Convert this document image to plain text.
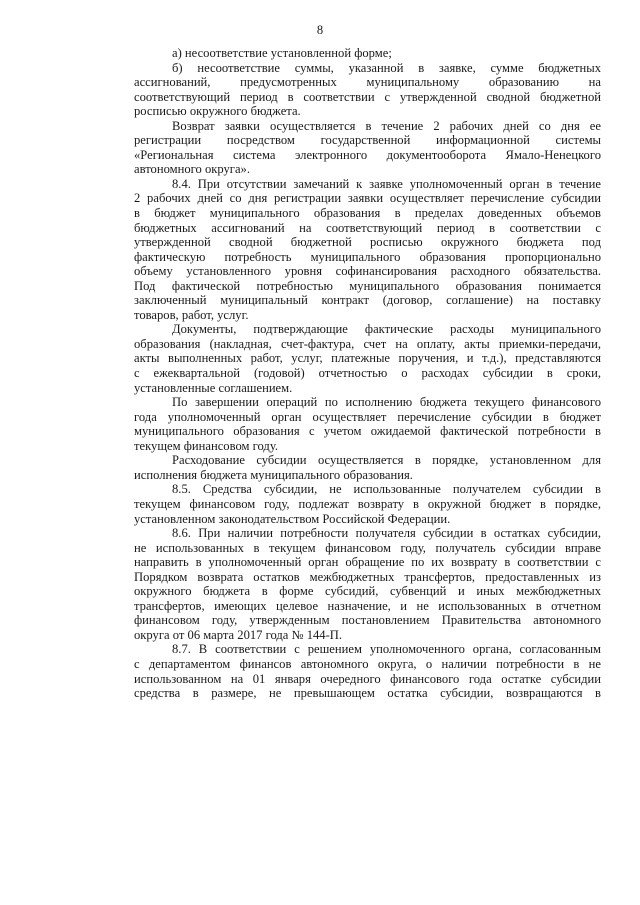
8
а) несоответствие установленной форме;
б) несоответствие суммы, указанной в заявке, сумме бюджетных
ассигнований, предусмотренных муниципальному образованию на
соответствующий период в соответствии с утвержденной сводной бюджетной
росписью окружного бюджета.
Возврат заявки осуществляется в течение 2 рабочих дней со дня ее
регистрации посредством государственной информационной системы
«Региональная система электронного документооборота Ямало-Ненецкого
автономного округа».
8.4. При отсутствии замечаний к заявке уполномоченный орган в течение
2 рабочих дней со дня регистрации заявки осуществляет перечисление субсидии
в бюджет муниципального образования в пределах доведенных объемов
бюджетных ассигнований на соответствующий период в соответствии с
утвержденной сводной бюджетной росписью окружного бюджета под
фактическую потребность муниципального образования пропорционально
объему установленного уровня софинансирования расходного обязательства.
Под фактической потребностью муниципального образования понимается
заключенный муниципальный контракт (договор, соглашение) на поставку
товаров, работ, услуг.
Документы, подтверждающие фактические расходы муниципального
образования (накладная, счет-фактура, счет на оплату, акты приемки-передачи,
акты выполненных работ, услуг, платежные поручения, и т.д.), представляются
с ежеквартальной (годовой) отчетностью о расходах субсидии в сроки,
установленные соглашением.
По завершении операций по исполнению бюджета текущего финансового
года уполномоченный орган осуществляет перечисление субсидии в бюджет
муниципального образования с учетом ожидаемой фактической потребности в
текущем финансовом году.
Расходование субсидии осуществляется в порядке, установленном для
исполнения бюджета муниципального образования.
8.5. Средства субсидии, не использованные получателем субсидии в
текущем финансовом году, подлежат возврату в окружной бюджет в порядке,
установленном законодательством Российской Федерации.
8.6. При наличии потребности получателя субсидии в остатках субсидии,
не использованных в текущем финансовом году, получатель субсидии вправе
направить в уполномоченный орган обращение по их возврату в соответствии с
Порядком возврата остатков межбюджетных трансфертов, предоставленных из
окружного бюджета в форме субсидий, субвенций и иных межбюджетных
трансфертов, имеющих целевое назначение, и не использованных в отчетном
финансовом году, утвержденным постановлением Правительства автономного
округа от 06 марта 2017 года № 144-П.
8.7. В соответствии с решением уполномоченного органа, согласованным
с департаментом финансов автономного округа, о наличии потребности в не
использованном на 01 января очередного финансового года остатке субсидии
средства в размере, не превышающем остатка субсидии, возвращаются в
